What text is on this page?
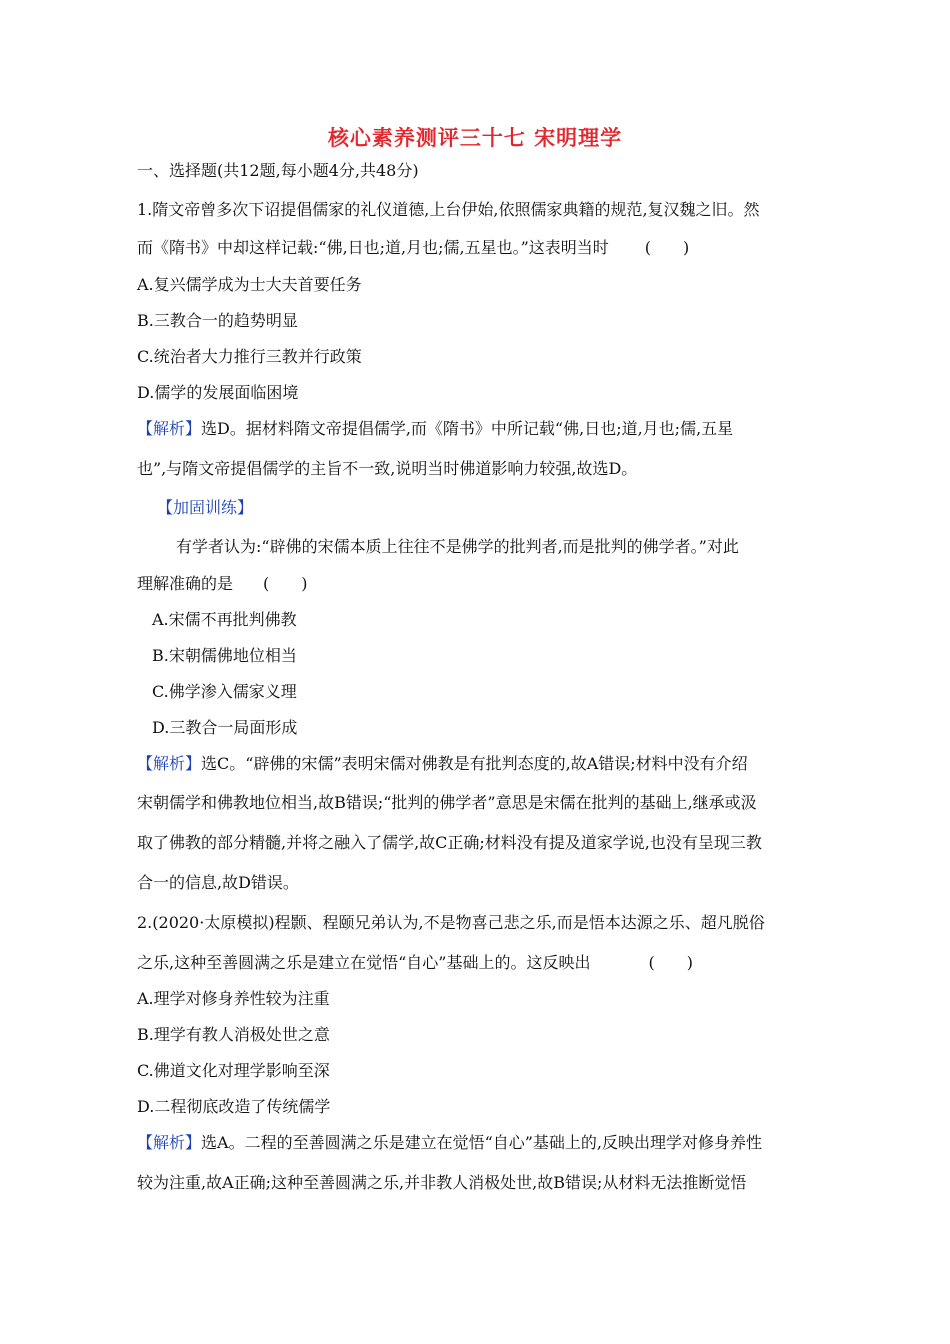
核心素养测评三十七 宋明理学
一、选择题(共12题,每小题4分,共48分)
1.隋文帝曾多次下诏提倡儒家的礼仪道德,上台伊始,依照儒家典籍的规范,复汉魏之旧。然
而《隋书》中却这样记载:“佛,日也;道,月也;儒,五星也。”这表明当时 (　　)
A.复兴儒学成为士大夫首要任务
B.三教合一的趋势明显
C.统治者大力推行三教并行政策
D.儒学的发展面临困境
【解析】选D。据材料隋文帝提倡儒学,而《隋书》中所记载“佛,日也;道,月也;儒,五星
也”,与隋文帝提倡儒学的主旨不一致,说明当时佛道影响力较强,故选D。
【加固训练】
有学者认为:“辟佛的宋儒本质上往往不是佛学的批判者,而是批判的佛学者。”对此
理解准确的是 (　　)
A.宋儒不再批判佛教
B.宋朝儒佛地位相当
C.佛学渗入儒家义理
D.三教合一局面形成
【解析】选C。“辟佛的宋儒”表明宋儒对佛教是有批判态度的,故A错误;材料中没有介绍
宋朝儒学和佛教地位相当,故B错误;“批判的佛学者”意思是宋儒在批判的基础上,继承或汲
取了佛教的部分精髓,并将之融入了儒学,故C正确;材料没有提及道家学说,也没有呈现三教
合一的信息,故D错误。
2.(2020·太原模拟)程颢、程颐兄弟认为,不是物喜己悲之乐,而是悟本达源之乐、超凡脱俗
之乐,这种至善圆满之乐是建立在觉悟“自心”基础上的。这反映出	(　　)
A.理学对修身养性较为注重
B.理学有教人消极处世之意
C.佛道文化对理学影响至深
D.二程彻底改造了传统儒学
【解析】选A。二程的至善圆满之乐是建立在觉悟“自心”基础上的,反映出理学对修身养性
较为注重,故A正确;这种至善圆满之乐,并非教人消极处世,故B错误;从材料无法推断觉悟
